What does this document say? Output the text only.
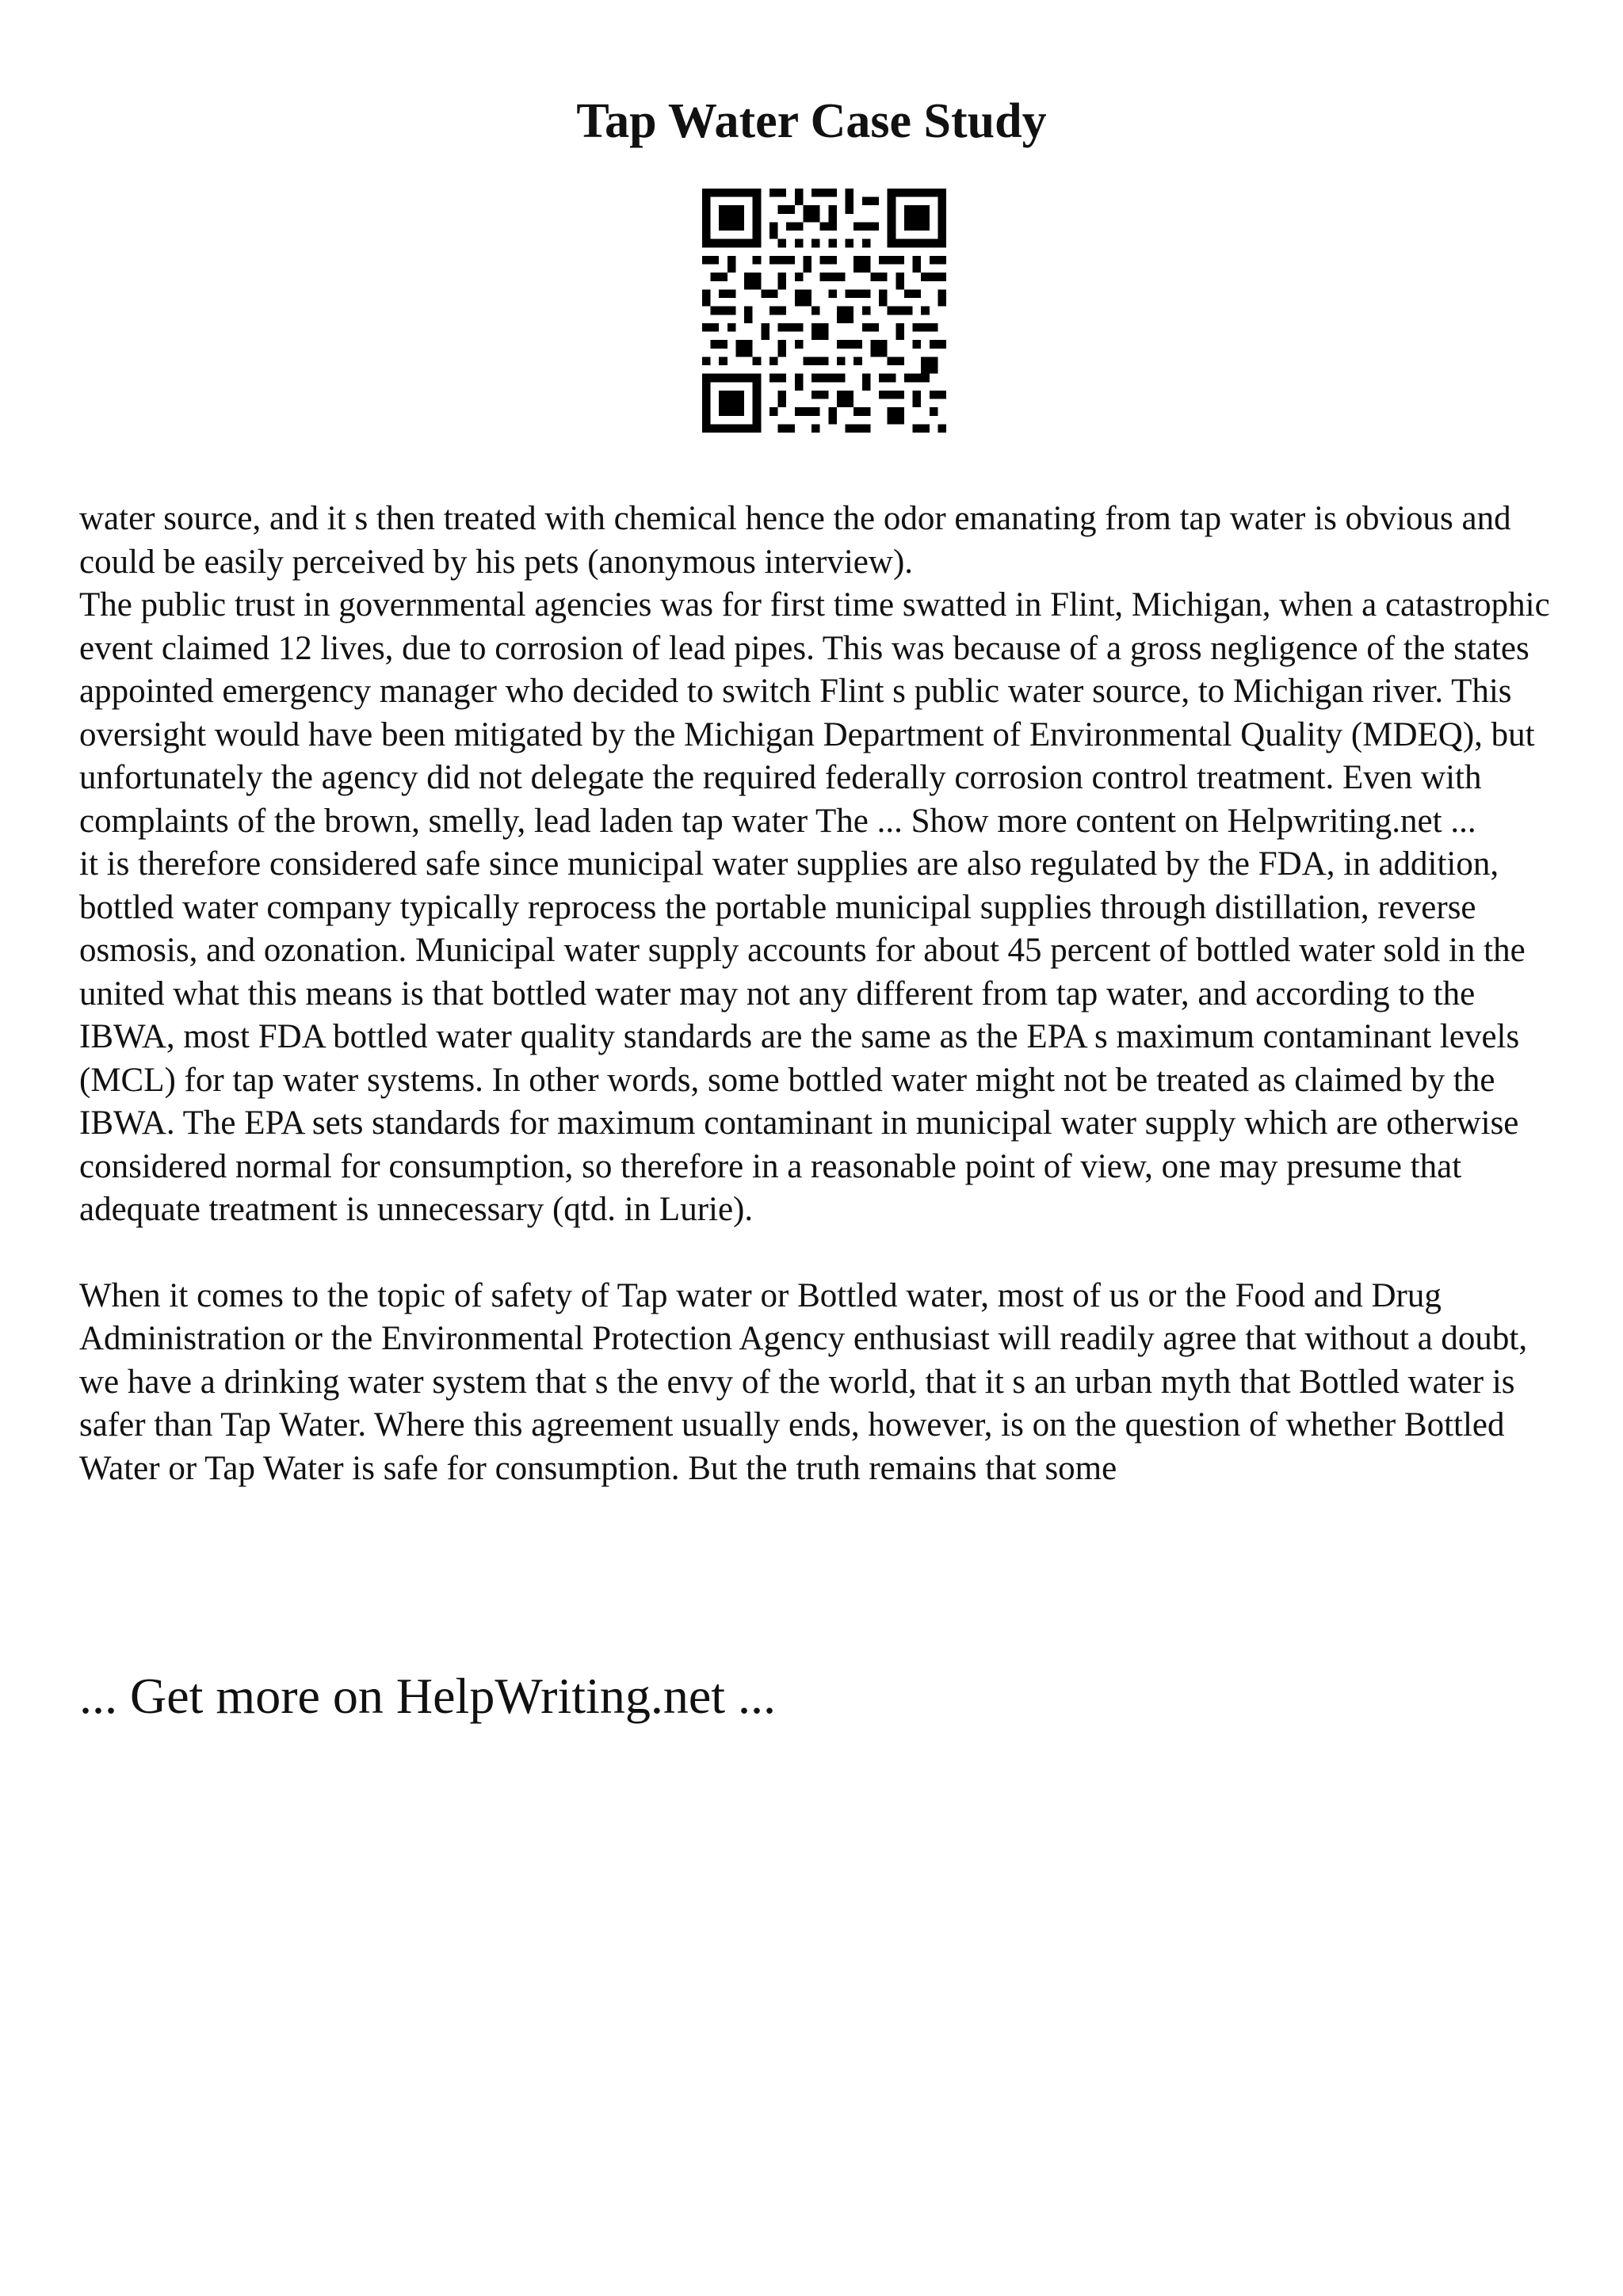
Tap Water Case Study

water source, and it s then treated with chemical hence the odor emanating from tap water is obvious and could be easily perceived by his pets (anonymous interview).

The public trust in governmental agencies was for first time swatted in Flint, Michigan, when a catastrophic event claimed 12 lives, due to corrosion of lead pipes. This was because of a gross negligence of the states appointed emergency manager who decided to switch Flint s public water source, to Michigan river. This oversight would have been mitigated by the Michigan Department of Environmental Quality (MDEQ), but unfortunately the agency did not delegate the required federally corrosion control treatment. Even with complaints of the brown, smelly, lead laden tap water The ... Show more content on Helpwriting.net ...

it is therefore considered safe since municipal water supplies are also regulated by the FDA, in addition, bottled water company typically reprocess the portable municipal supplies through distillation, reverse osmosis, and ozonation. Municipal water supply accounts for about 45 percent of bottled water sold in the united what this means is that bottled water may not any different from tap water, and according to the IBWA, most FDA bottled water quality standards are the same as the EPA s maximum contaminant levels (MCL) for tap water systems. In other words, some bottled water might not be treated as claimed by the IBWA. The EPA sets standards for maximum contaminant in municipal water supply which are otherwise considered normal for consumption, so therefore in a reasonable point of view, one may presume that adequate treatment is unnecessary (qtd. in Lurie).

When it comes to the topic of safety of Tap water or Bottled water, most of us or the Food and Drug Administration or the Environmental Protection Agency enthusiast will readily agree that without a doubt, we have a drinking water system that s the envy of the world, that it s an urban myth that Bottled water is safer than Tap Water. Where this agreement usually ends, however, is on the question of whether Bottled Water or Tap Water is safe for consumption. But the truth remains that some

... Get more on HelpWriting.net ...
